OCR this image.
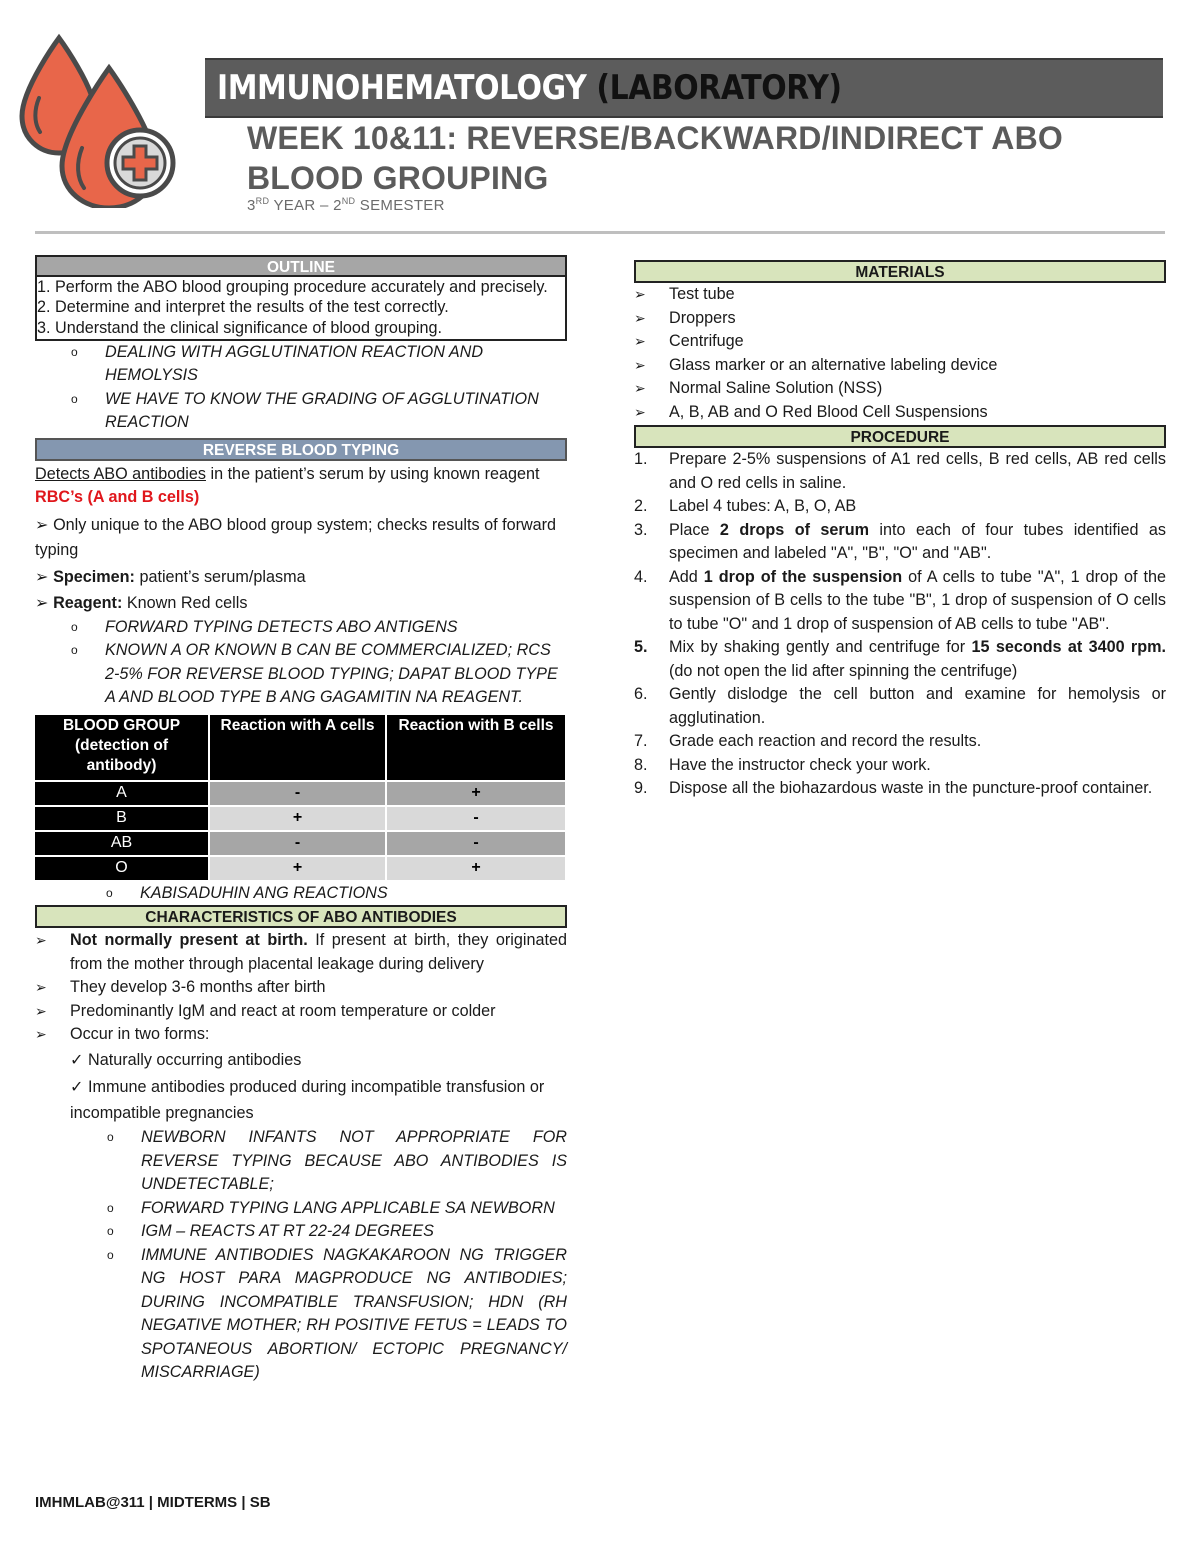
IMMUNOHEMATOLOGY (LABORATORY)
WEEK 10&11: REVERSE/BACKWARD/INDIRECT ABO BLOOD GROUPING
3RD YEAR – 2ND SEMESTER
OUTLINE
1. Perform the ABO blood grouping procedure accurately and precisely.
2. Determine and interpret the results of the test correctly.
3. Understand the clinical significance of blood grouping.
o	DEALING WITH AGGLUTINATION REACTION AND HEMOLYSIS
o	WE HAVE TO KNOW THE GRADING OF AGGLUTINATION REACTION
REVERSE BLOOD TYPING
Detects ABO antibodies in the patient’s serum by using known reagent RBC’s (A and B cells)
➢ Only unique to the ABO blood group system; checks results of forward typing
➢ Specimen: patient’s serum/plasma
➢ Reagent: Known Red cells
o	FORWARD TYPING DETECTS ABO ANTIGENS
o	KNOWN A OR KNOWN B CAN BE COMMERCIALIZED; RCS 2-5% FOR REVERSE BLOOD TYPING; DAPAT BLOOD TYPE A AND BLOOD TYPE B ANG GAGAMITIN NA REAGENT.
BLOOD GROUP (detection of antibody)	Reaction with A cells	Reaction with B cells
A	-	+
B	+	-
AB	-	-
O	+	+
o	KABISADUHIN ANG REACTIONS
CHARACTERISTICS OF ABO ANTIBODIES
➢	Not normally present at birth. If present at birth, they originated from the mother through placental leakage during delivery
➢	They develop 3-6 months after birth
➢	Predominantly IgM and react at room temperature or colder
➢	Occur in two forms:
✓ Naturally occurring antibodies
✓ Immune antibodies produced during incompatible transfusion or incompatible pregnancies
o	NEWBORN INFANTS NOT APPROPRIATE FOR REVERSE TYPING BECAUSE ABO ANTIBODIES IS UNDETECTABLE;
o	FORWARD TYPING LANG APPLICABLE SA NEWBORN
o	IGM – REACTS AT RT 22-24 DEGREES
o	IMMUNE ANTIBODIES NAGKAKAROON NG TRIGGER NG HOST PARA MAGPRODUCE NG ANTIBODIES; DURING INCOMPATIBLE TRANSFUSION; HDN (RH NEGATIVE MOTHER; RH POSITIVE FETUS = LEADS TO SPOTANEOUS ABORTION/ ECTOPIC PREGNANCY/ MISCARRIAGE)
MATERIALS
➢	Test tube
➢	Droppers
➢	Centrifuge
➢	Glass marker or an alternative labeling device
➢	Normal Saline Solution (NSS)
➢	A, B, AB and O Red Blood Cell Suspensions
PROCEDURE
1.	Prepare 2-5% suspensions of A1 red cells, B red cells, AB red cells and O red cells in saline.
2.	Label 4 tubes: A, B, O, AB
3.	Place 2 drops of serum into each of four tubes identified as specimen and labeled "A", "B", "O" and "AB".
4.	Add 1 drop of the suspension of A cells to tube "A", 1 drop of the suspension of B cells to the tube "B", 1 drop of suspension of O cells to tube "O" and 1 drop of suspension of AB cells to tube "AB".
5.	Mix by shaking gently and centrifuge for 15 seconds at 3400 rpm. (do not open the lid after spinning the centrifuge)
6.	Gently dislodge the cell button and examine for hemolysis or agglutination.
7.	Grade each reaction and record the results.
8.	Have the instructor check your work.
9.	Dispose all the biohazardous waste in the puncture-proof container.
IMHMLAB@311 | MIDTERMS | SB
